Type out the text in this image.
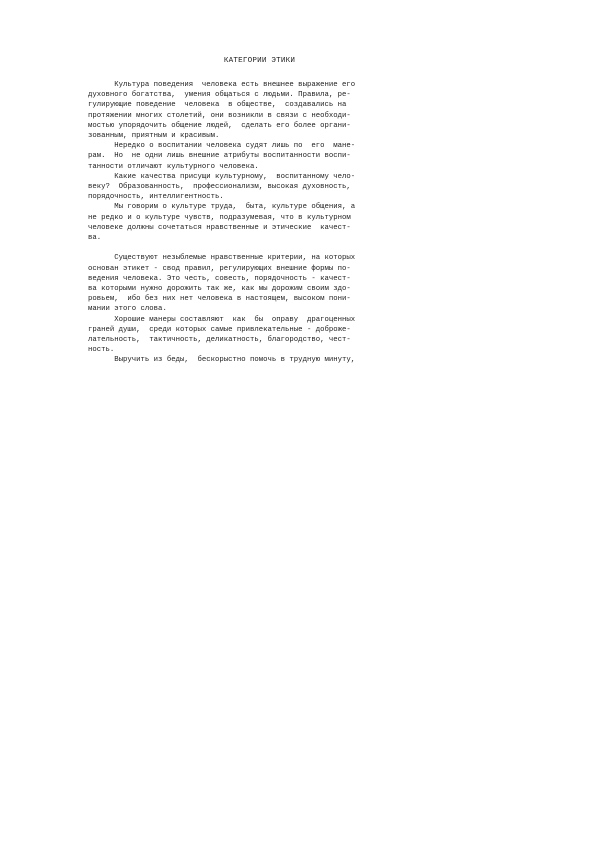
КАТЕГОРИИ ЭТИКИ
Культура поведения  человека есть внешнее выражение его
духовного богатства,  умения общаться с людьми. Правила, ре-
гулирующие поведение  человека  в обществе,  создавались на
протяжении многих столетий, они возникли в связи с необходи-
мостью упорядочить общение людей,  сделать его более органи-
зованным, приятным и красивым.
Нередко о воспитании человека судят лишь по  его  мане-
рам.  Но  не одни лишь внешние атрибуты воспитанности воспи-
танности отличают культурного человека.
Какие качества присущи культурному,  воспитанному чело-
веку?  Образованность,  профессионализм, высокая духовность,
порядочность, интеллигентность.
Мы говорим о культуре труда,  быта, культуре общения, а
не редко и о культуре чувств, подразумевая, что в культурном
человеке должны сочетаться нравственные и этические  качест-
ва.
Существуют незыблемые нравственные критерии, на которых
основан этикет - свод правил, регулирующих внешние формы по-
ведения человека. Это честь, совесть, порядочность - качест-
ва которыми нужно дорожить так же, как мы дорожим своим здо-
ровьем,  ибо без них нет человека в настоящем, высоком пони-
мании этого слова.
Хорошие манеры составляют  как  бы  оправу  драгоценных
граней души,  среди которых самые привлекательные - доброже-
лательность,  тактичность, деликатность, благородство, чест-
ность.
Выручить из беды,  бескорыстно помочь в трудную минуту,
